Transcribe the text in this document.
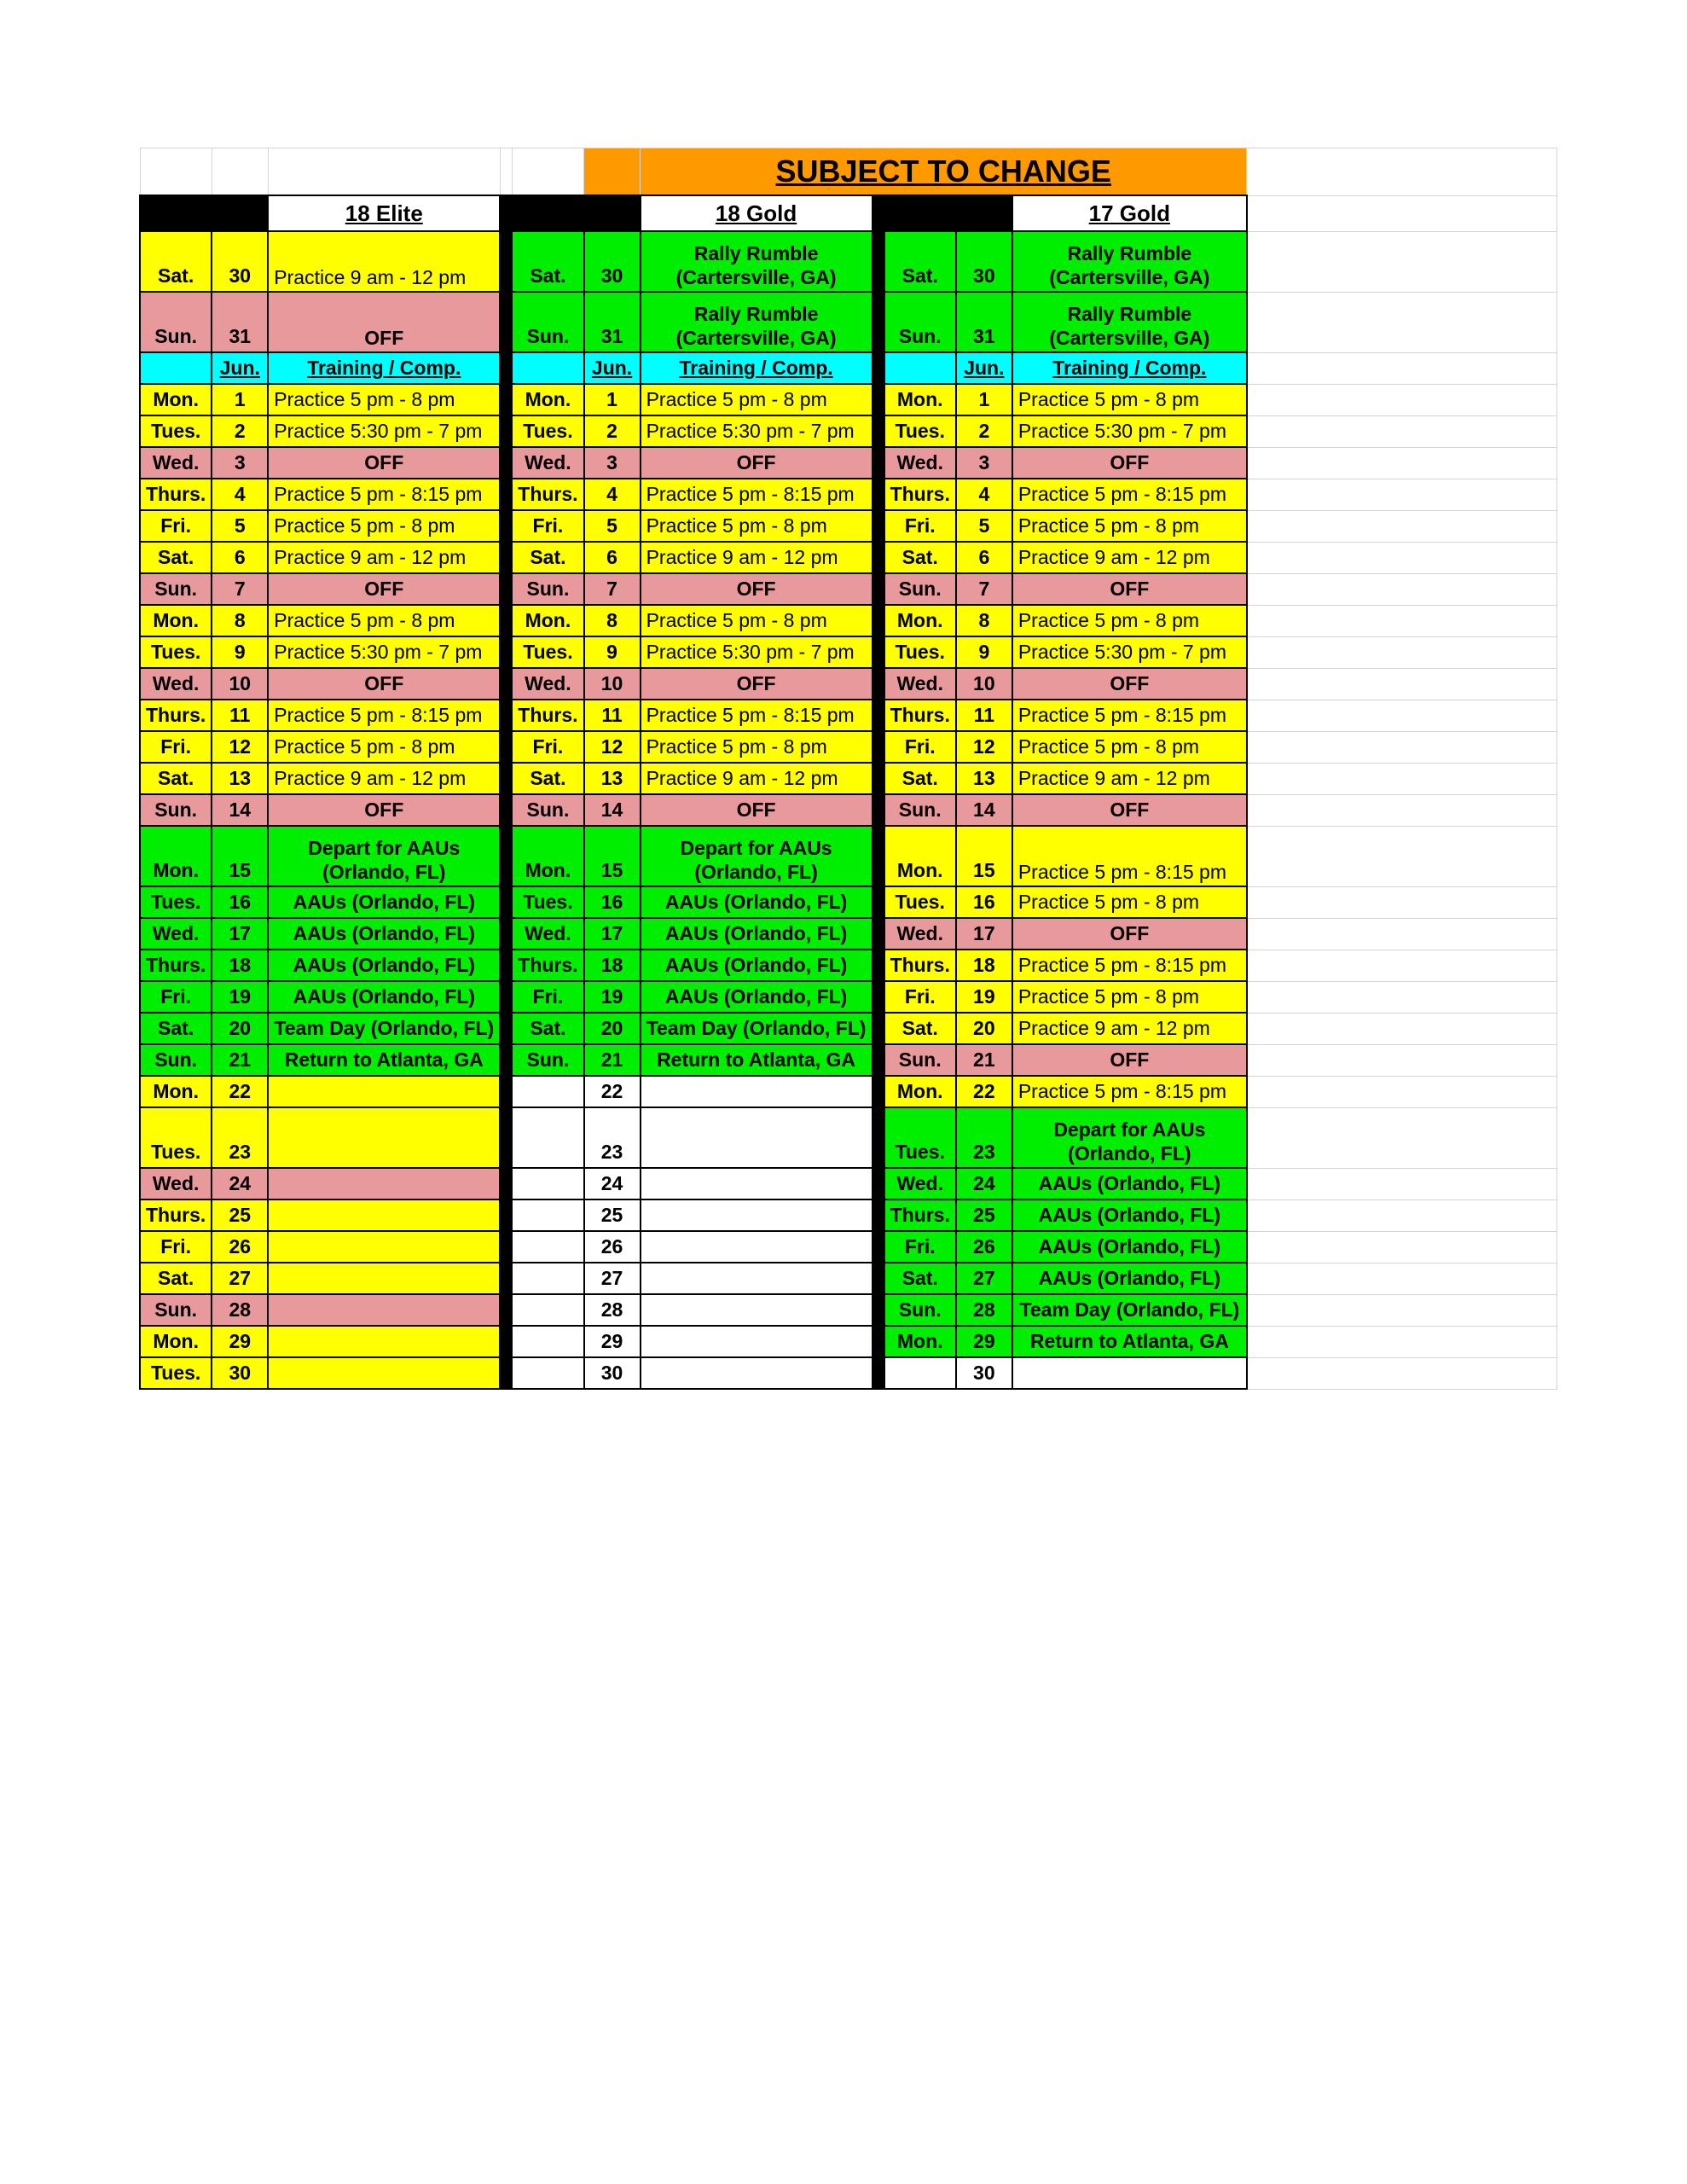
						SUBJECT TO CHANGE					
		18 Elite				18 Gold				17 Gold	
Sat.	30	Practice 9 am - 12 pm		Sat.	30	Rally Rumble (Cartersville, GA)		Sat.	30	Rally Rumble (Cartersville, GA)	
Sun.	31	OFF		Sun.	31	Rally Rumble (Cartersville, GA)		Sun.	31	Rally Rumble (Cartersville, GA)	
	Jun.	Training / Comp.			Jun.	Training / Comp.			Jun.	Training / Comp.	
Mon.	1	Practice 5 pm - 8 pm		Mon.	1	Practice 5 pm - 8 pm		Mon.	1	Practice 5 pm - 8 pm	
Tues.	2	Practice 5:30 pm - 7 pm		Tues.	2	Practice 5:30 pm - 7 pm		Tues.	2	Practice 5:30 pm - 7 pm	
Wed.	3	OFF		Wed.	3	OFF		Wed.	3	OFF	
Thurs.	4	Practice 5 pm - 8:15 pm		Thurs.	4	Practice 5 pm - 8:15 pm		Thurs.	4	Practice 5 pm - 8:15 pm	
Fri.	5	Practice 5 pm - 8 pm		Fri.	5	Practice 5 pm - 8 pm		Fri.	5	Practice 5 pm - 8 pm	
Sat.	6	Practice 9 am - 12 pm		Sat.	6	Practice 9 am - 12 pm		Sat.	6	Practice 9 am - 12 pm	
Sun.	7	OFF		Sun.	7	OFF		Sun.	7	OFF	
Mon.	8	Practice 5 pm - 8 pm		Mon.	8	Practice 5 pm - 8 pm		Mon.	8	Practice 5 pm - 8 pm	
Tues.	9	Practice 5:30 pm - 7 pm		Tues.	9	Practice 5:30 pm - 7 pm		Tues.	9	Practice 5:30 pm - 7 pm	
Wed.	10	OFF		Wed.	10	OFF		Wed.	10	OFF	
Thurs.	11	Practice 5 pm - 8:15 pm		Thurs.	11	Practice 5 pm - 8:15 pm		Thurs.	11	Practice 5 pm - 8:15 pm	
Fri.	12	Practice 5 pm - 8 pm		Fri.	12	Practice 5 pm - 8 pm		Fri.	12	Practice 5 pm - 8 pm	
Sat.	13	Practice 9 am - 12 pm		Sat.	13	Practice 9 am - 12 pm		Sat.	13	Practice 9 am - 12 pm	
Sun.	14	OFF		Sun.	14	OFF		Sun.	14	OFF	
Mon.	15	Depart for AAUs (Orlando, FL)		Mon.	15	Depart for AAUs (Orlando, FL)		Mon.	15	Practice 5 pm - 8:15 pm	
Tues.	16	AAUs (Orlando, FL)		Tues.	16	AAUs (Orlando, FL)		Tues.	16	Practice 5 pm - 8 pm	
Wed.	17	AAUs (Orlando, FL)		Wed.	17	AAUs (Orlando, FL)		Wed.	17	OFF	
Thurs.	18	AAUs (Orlando, FL)		Thurs.	18	AAUs (Orlando, FL)		Thurs.	18	Practice 5 pm - 8:15 pm	
Fri.	19	AAUs (Orlando, FL)		Fri.	19	AAUs (Orlando, FL)		Fri.	19	Practice 5 pm - 8 pm	
Sat.	20	Team Day (Orlando, FL)		Sat.	20	Team Day (Orlando, FL)		Sat.	20	Practice 9 am - 12 pm	
Sun.	21	Return to Atlanta, GA		Sun.	21	Return to Atlanta, GA		Sun.	21	OFF	
Mon.	22				22			Mon.	22	Practice 5 pm - 8:15 pm	
Tues.	23				23			Tues.	23	Depart for AAUs (Orlando, FL)	
Wed.	24				24			Wed.	24	AAUs (Orlando, FL)	
Thurs.	25				25			Thurs.	25	AAUs (Orlando, FL)	
Fri.	26				26			Fri.	26	AAUs (Orlando, FL)	
Sat.	27				27			Sat.	27	AAUs (Orlando, FL)	
Sun.	28				28			Sun.	28	Team Day (Orlando, FL)	
Mon.	29				29			Mon.	29	Return to Atlanta, GA	
Tues.	30				30				30		
